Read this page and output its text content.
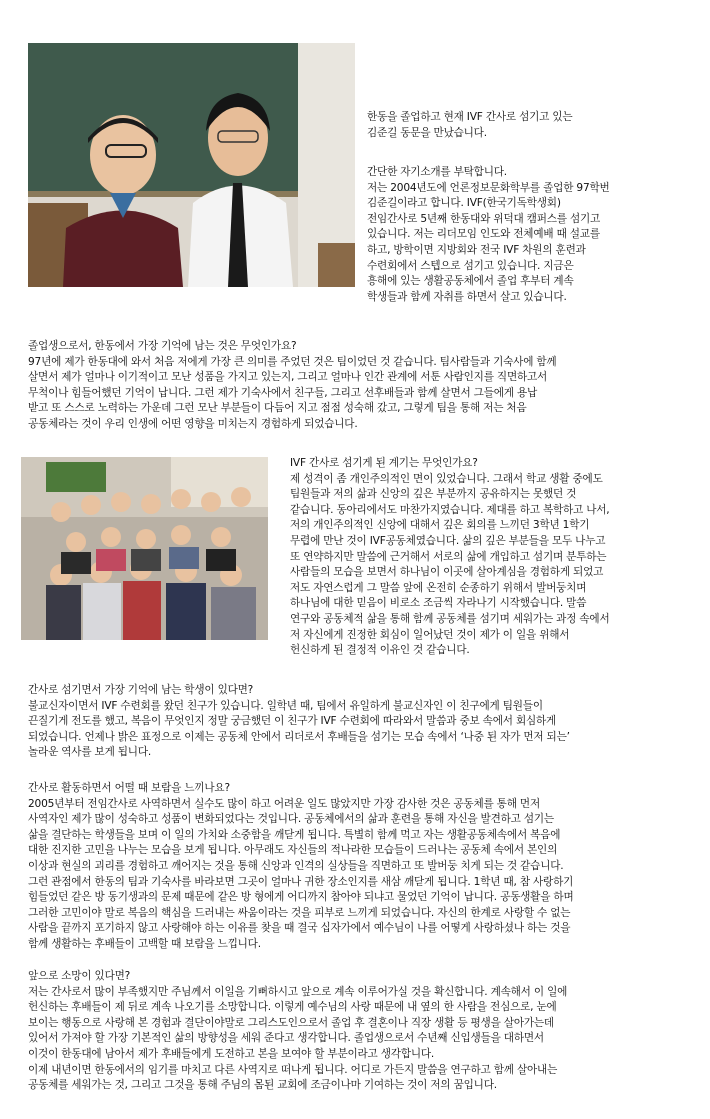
한동을 졸업하고 현재 IVF 간사로 섬기고 있는
김준길 동문을 만났습니다.
간단한 자기소개를 부탁합니다.
저는 2004년도에 언론정보문화학부를 졸업한 97학번
김준길이라고 합니다. IVF(한국기독학생회)
전임간사로 5년째 한동대와 위덕대 캠퍼스를 섬기고
있습니다. 저는 리더모임 인도와 전체예배 때 설교를
하고, 방학이면 지방회와 전국 IVF 차원의 훈련과
수련회에서 스텝으로 섬기고 있습니다. 지금은
흥해에 있는 생활공동체에서 졸업 후부터 계속
학생들과 함께 자취를 하면서 살고 있습니다.
졸업생으로서, 한동에서 가장 기억에 남는 것은 무엇인가요?
97년에 제가 한동대에 와서 처음 저에게 가장 큰 의미를 주었던 것은 팀이었던 것 같습니다. 팀사람들과 기숙사에 함께
살면서 제가 얼마나 이기적이고 모난 성품을 가지고 있는지, 그리고 얼마나 인간 관계에 서툰 사람인지를 직면하고서
무척이나 힘들어했던 기억이 납니다. 그런 제가 기숙사에서 친구들, 그리고 선후배들과 함께 살면서 그들에게 용납
받고 또 스스로 노력하는 가운데 그런 모난 부분들이 다듬어 지고 점점 성숙해 갔고, 그렇게 팀을 통해 저는 처음
공동체라는 것이 우리 인생에 어떤 영향을 미치는지 경험하게 되었습니다.
IVF 간사로 섬기게 된 계기는 무엇인가요?
제 성격이 좀 개인주의적인 면이 있었습니다. 그래서 학교 생활 중에도
팀원들과 저의 삶과 신앙의 깊은 부분까지 공유하지는 못했던 것
같습니다. 동아리에서도 마찬가지였습니다. 제대를 하고 복학하고 나서,
저의 개인주의적인 신앙에 대해서 깊은 회의를 느끼던 3학년 1학기
무렵에 만난 것이 IVF공동체였습니다. 삶의 깊은 부분들을 모두 나누고
또 연약하지만 말씀에 근거해서 서로의 삶에 개입하고 섬기며 분투하는
사람들의 모습을 보면서 하나님이 이곳에 살아계심을 경험하게 되었고
저도 자연스럽게 그 말씀 앞에 온전히 순종하기 위해서 발버둥치며
하나님에 대한 믿음이 비로소 조금씩 자라나기 시작했습니다. 말씀
연구와 공동체적 삶을 통해 함께 공동체를 섬기며 세워가는 과정 속에서
저 자신에게 진정한 회심이 일어났던 것이 제가 이 일을 위해서
헌신하게 된 결정적 이유인 것 같습니다.
간사로 섬기면서 가장 기억에 남는 학생이 있다면?
불교신자이면서 IVF 수련회를 왔던 친구가 있습니다. 일학년 때, 팀에서 유일하게 불교신자인 이 친구에게 팀원들이
끈질기게 전도를 했고, 복음이 무엇인지 정말 궁금했던 이 친구가 IVF 수련회에 따라와서 말씀과 중보 속에서 회심하게
되었습니다. 언제나 밝은 표정으로 이제는 공동체 안에서 리더로서 후배들을 섬기는 모습 속에서 ‘나중 된 자가 먼저 되는’
놀라운 역사를 보게 됩니다.
간사로 활동하면서 어떨 때 보람을 느끼나요?
2005년부터 전임간사로 사역하면서 실수도 많이 하고 어려운 일도 많았지만 가장 감사한 것은 공동체를 통해 먼저
사역자인 제가 많이 성숙하고 성품이 변화되었다는 것입니다. 공동체에서의 삶과 훈련을 통해 자신을 발견하고 섬기는
삶을 결단하는 학생들을 보며 이 일의 가치와 소중함을 깨닫게 됩니다. 특별히 함께 먹고 자는 생활공동체속에서 복음에
대한 진지한 고민을 나누는 모습을 보게 됩니다. 아무래도 자신들의 적나라한 모습들이 드러나는 공동체 속에서 본인의
이상과 현실의 괴리를 경험하고 깨어지는 것을 통해 신앙과 인격의 실상들을 직면하고 또 발버둥 치게 되는 것 같습니다.
그런 관점에서 한동의 팀과 기숙사를 바라보면 그곳이 얼마나 귀한 장소인지를 새삼 깨닫게 됩니다. 1학년 때, 참 사랑하기
힘들었던 같은 방 동기생과의 문제 때문에 같은 방 형에게 어디까지 참아야 되냐고 물었던 기억이 납니다. 공동생활을 하며
그러한 고민이야 말로 복음의 핵심을 드러내는 싸움이라는 것을 피부로 느끼게 되었습니다. 자신의 한계로 사랑할 수 없는
사람을 끝까지 포기하지 않고 사랑해야 하는 이유를 찾을 때 결국 십자가에서 예수님이 나를 어떻게 사랑하셨나 하는 것을
함께 생활하는 후배들이 고백할 때 보람을 느낍니다.
앞으로 소망이 있다면?
저는 간사로서 많이 부족했지만 주님께서 이일을 기뻐하시고 앞으로 계속 이루어가실 것을 확신합니다. 계속해서 이 일에
헌신하는 후배들이 제 뒤로 계속 나오기를 소망합니다. 이렇게 예수님의 사랑 때문에 내 옆의 한 사람을 전심으로, 눈에
보이는 행동으로 사랑해 본 경험과 결단이야말로 그리스도인으로서 졸업 후 결혼이나 직장 생활 등 평생을 살아가는데
있어서 가져야 할 가장 기본적인 삶의 방향성을 세워 준다고 생각합니다. 졸업생으로서 수년째 신입생들을 대하면서
이것이 한동대에 남아서 제가 후배들에게 도전하고 본을 보여야 할 부분이라고 생각합니다.
이제 내년이면 한동에서의 임기를 마치고 다른 사역지로 떠나게 됩니다. 어디로 가든지 말씀을 연구하고 함께 살아내는
공동체를 세워가는 것, 그리고 그것을 통해 주님의 몸된 교회에 조금이나마 기여하는 것이 저의 꿈입니다.
